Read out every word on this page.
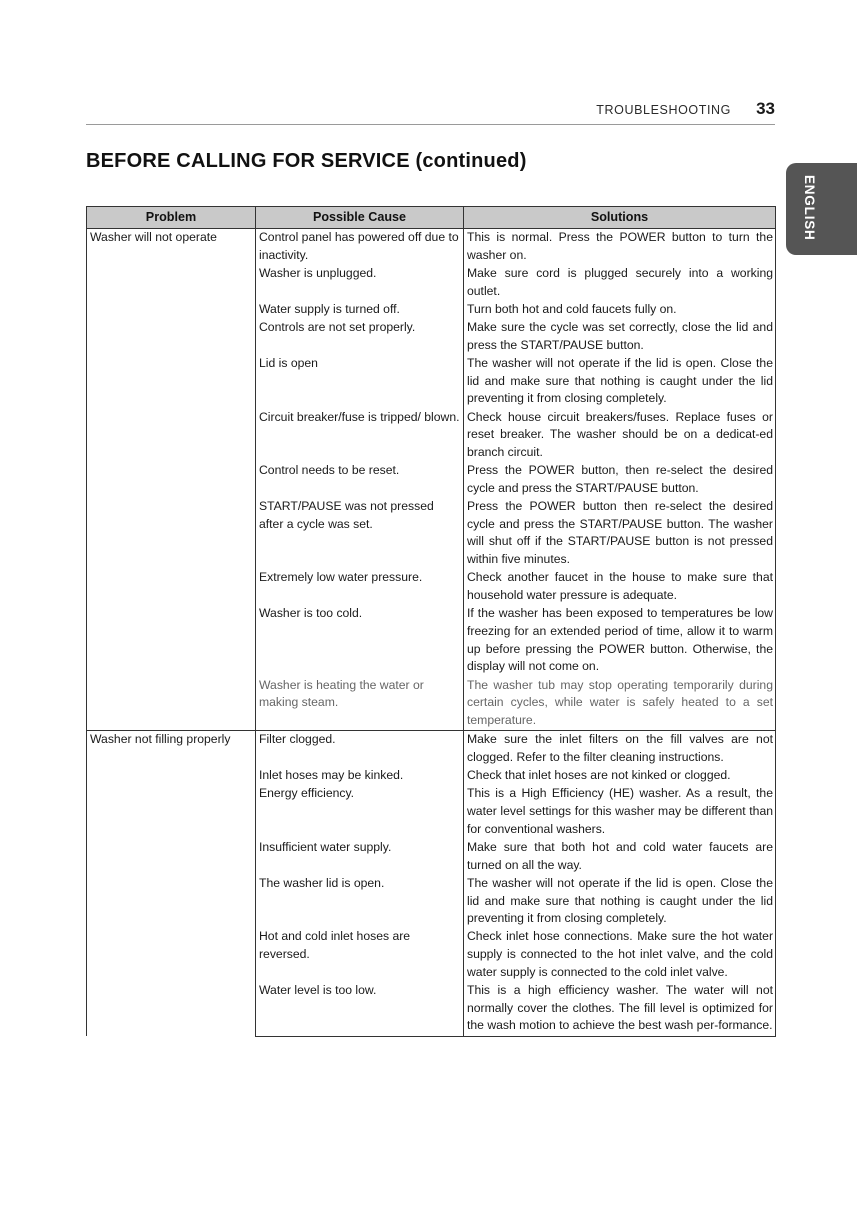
TROUBLESHOOTING 33
BEFORE CALLING FOR SERVICE (continued)
ENGLISH
Problem	Possible Cause	Solutions
Washer will not operate	Control panel has powered off due to inactivity.	This is normal. Press the POWER button to turn the washer on.
	Washer is unplugged.	Make sure cord is plugged securely into a working outlet.
	Water supply is turned off.	Turn both hot and cold faucets fully on.
	Controls are not set properly.	Make sure the cycle was set correctly, close the lid and press the START/PAUSE button.
	Lid is open	The washer will not operate if the lid is open. Close the lid and make sure that nothing is caught under the lid preventing it from closing completely.
	Circuit breaker/fuse is tripped/ blown.	Check house circuit breakers/fuses. Replace fuses or reset breaker. The washer should be on a dedicat-ed branch circuit.
	Control needs to be reset.	Press the POWER button, then re-select the desired cycle and press the START/PAUSE button.
	START/PAUSE was not pressed after a cycle was set.	Press the POWER button then re-select the desired cycle and press the START/PAUSE button. The washer will shut off if the START/PAUSE button is not pressed within five minutes.
	Extremely low water pressure.	Check another faucet in the house to make sure that household water pressure is adequate.
	Washer is too cold.	If the washer has been exposed to temperatures be low freezing for an extended period of time, allow it to warm up before pressing the POWER button. Otherwise, the display will not come on.
	Washer is heating the water or making steam.	The washer tub may stop operating temporarily during certain cycles, while water is safely heated to a set temperature.
Washer not filling properly	Filter clogged.	Make sure the inlet filters on the fill valves are not clogged. Refer to the filter cleaning instructions.
	Inlet hoses may be kinked.	Check that inlet hoses are not kinked or clogged.
	Energy efficiency.	This is a High Efficiency (HE) washer. As a result, the water level settings for this washer may be different than for conventional washers.
	Insufficient water supply.	Make sure that both hot and cold water faucets are turned on all the way.
	The washer lid is open.	The washer will not operate if the lid is open. Close the lid and make sure that nothing is caught under the lid preventing it from closing completely.
	Hot and cold inlet hoses are reversed.	Check inlet hose connections. Make sure the hot water supply is connected to the hot inlet valve, and the cold water supply is connected to the cold inlet valve.
	Water level is too low.	This is a high efficiency washer. The water will not normally cover the clothes. The fill level is optimized for the wash motion to achieve the best wash per-formance.
